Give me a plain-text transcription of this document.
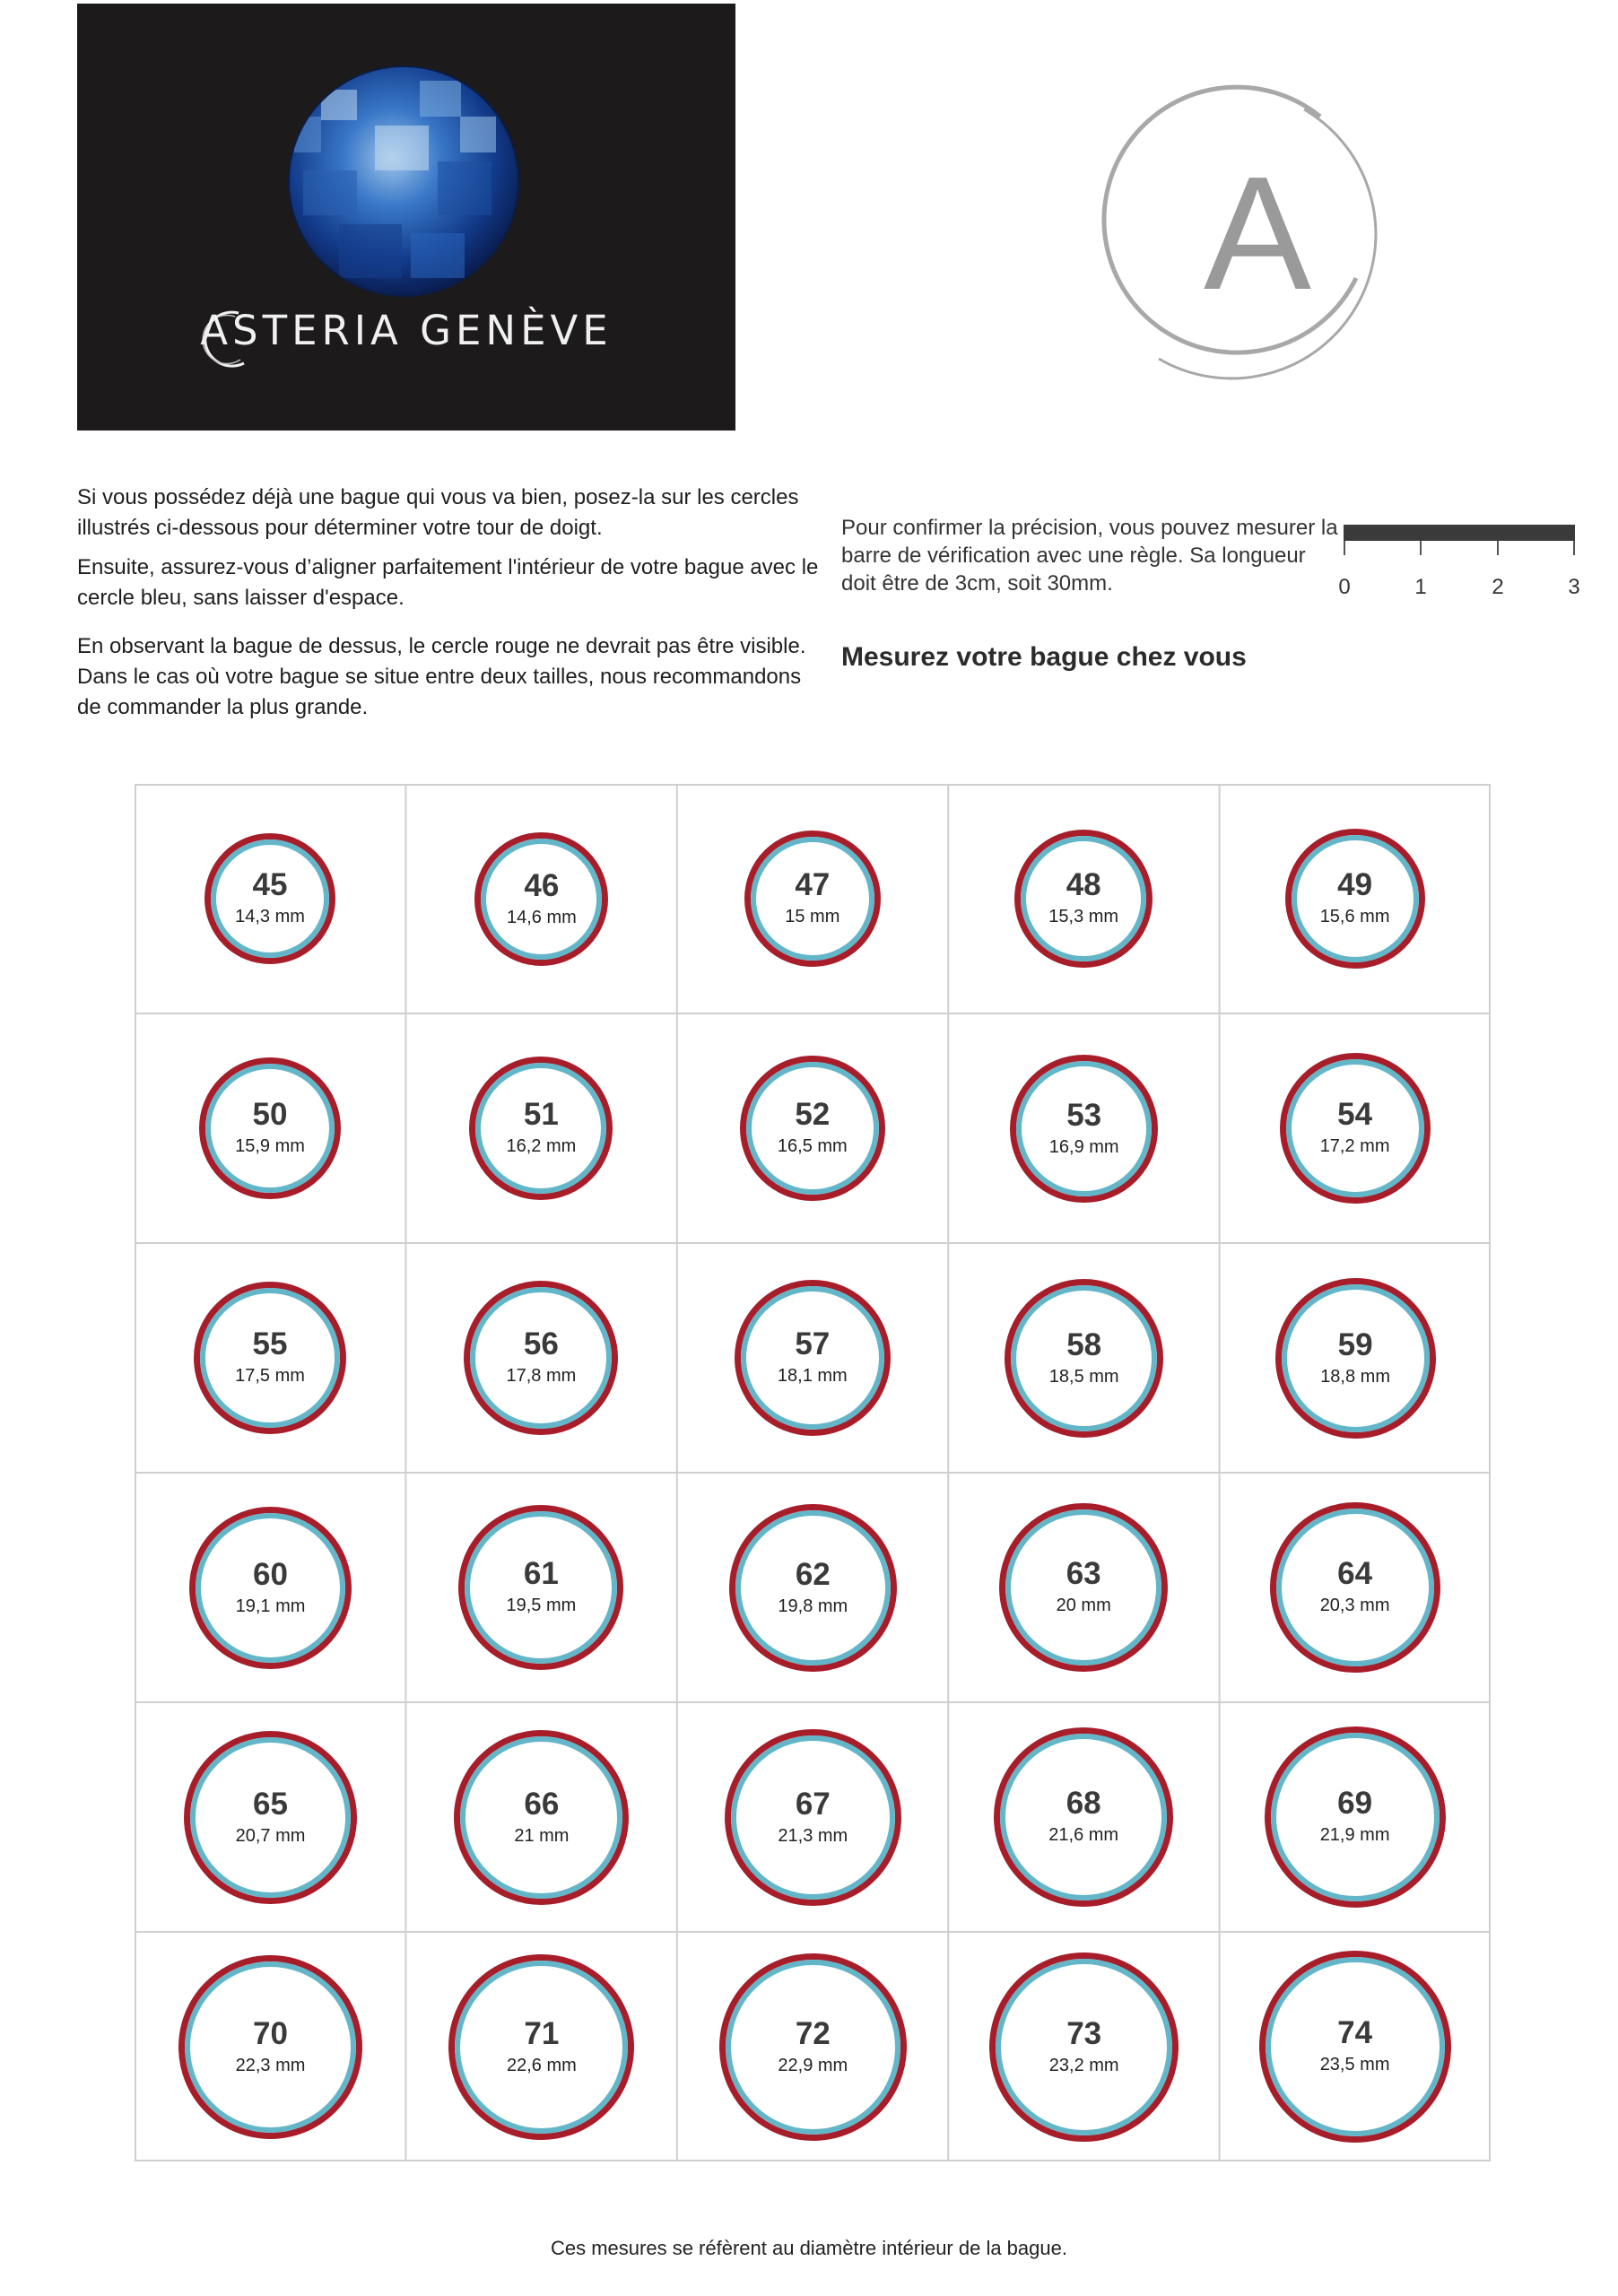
ASTERIA GENÈVE
A
Si vous possédez déjà une bague qui vous va bien, posez-la sur les cercles illustrés ci-dessous pour déterminer votre tour de doigt.
Ensuite, assurez-vous d’aligner parfaitement l'intérieur de votre bague avec le cercle bleu, sans laisser d'espace.
En observant la bague de dessus, le cercle rouge ne devrait pas être visible. Dans le cas où votre bague se situe entre deux tailles, nous recommandons de commander la plus grande.
Pour confirmer la précision, vous pouvez mesurer la barre de vérification avec une règle. Sa longueur doit être de 3cm, soit 30mm.
Mesurez votre bague chez vous
0	1	2	3
45
14,3 mm
46
14,6 mm
47
15 mm
48
15,3 mm
49
15,6 mm
50
15,9 mm
51
16,2 mm
52
16,5 mm
53
16,9 mm
54
17,2 mm
55
17,5 mm
56
17,8 mm
57
18,1 mm
58
18,5 mm
59
18,8 mm
60
19,1 mm
61
19,5 mm
62
19,8 mm
63
20 mm
64
20,3 mm
65
20,7 mm
66
21 mm
67
21,3 mm
68
21,6 mm
69
21,9 mm
70
22,3 mm
71
22,6 mm
72
22,9 mm
73
23,2 mm
74
23,5 mm
Ces mesures se réfèrent au diamètre intérieur de la bague.
